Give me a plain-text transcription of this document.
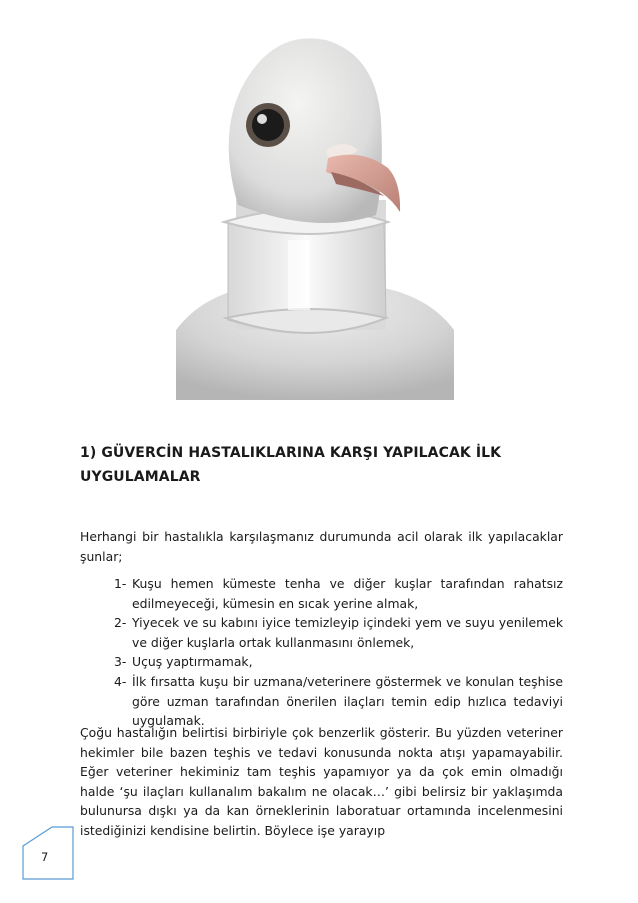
1) GÜVERCİN HASTALIKLARINA KARŞI YAPILACAK İLK
UYGULAMALAR
Herhangi bir hastalıkla karşılaşmanız durumunda acil olarak ilk yapılacaklar şunlar;
1- Kuşu hemen kümeste tenha ve diğer kuşlar tarafından rahatsız edilmeyeceği, kümesin en sıcak yerine almak,
2- Yiyecek ve su kabını iyice temizleyip içindeki yem ve suyu yenilemek ve diğer kuşlarla ortak kullanmasını önlemek,
3- Uçuş yaptırmamak,
4- İlk fırsatta kuşu bir uzmana/veterinere göstermek ve konulan teşhise göre uzman tarafından önerilen ilaçları temin edip hızlıca tedaviyi uygulamak.
Çoğu hastalığın belirtisi birbiriyle çok benzerlik gösterir. Bu yüzden veteriner hekimler bile bazen teşhis ve tedavi konusunda nokta atışı yapamayabilir. Eğer veteriner hekiminiz tam teşhis yapamıyor ya da çok emin olmadığı halde ‘şu ilaçları kullanalım bakalım ne olacak…’ gibi belirsiz bir yaklaşımda bulunursa dışkı ya da kan örneklerinin laboratuar ortamında incelenmesini istediğinizi kendisine belirtin. Böylece işe yarayıp
7
